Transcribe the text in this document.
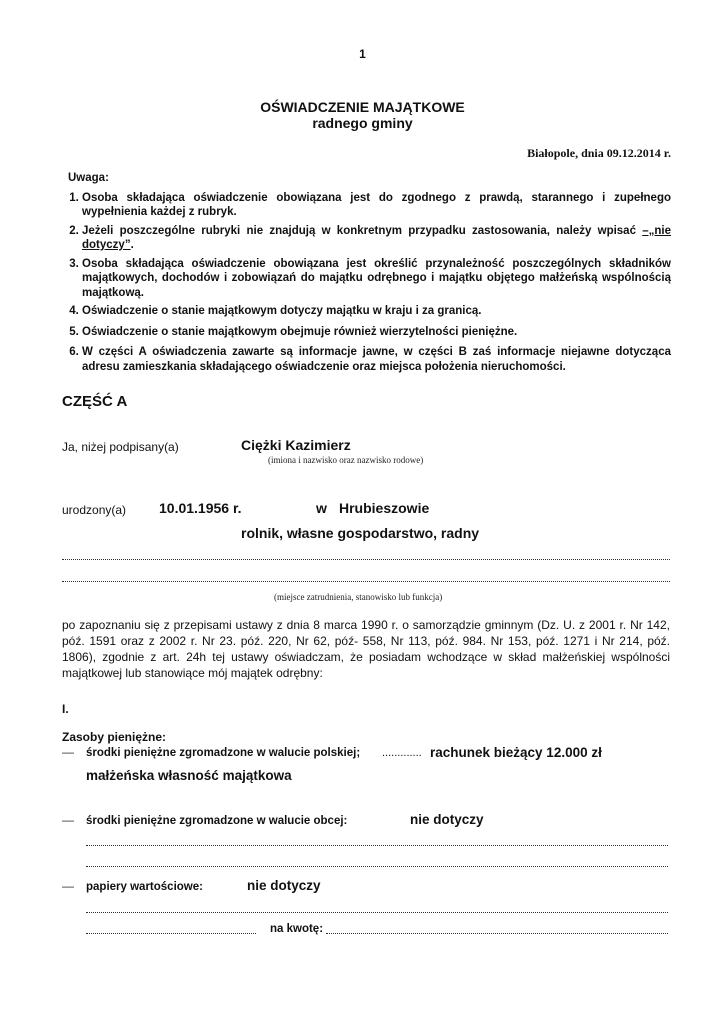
1
OŚWIADCZENIE MAJĄTKOWE
radnego gminy
Białopole, dnia 09.12.2014 r.
Uwaga:
1. Osoba składająca oświadczenie obowiązana jest do zgodnego z prawdą, starannego i zupełnego wypełnienia każdej z rubryk.
2. Jeżeli poszczególne rubryki nie znajdują w konkretnym przypadku zastosowania, należy wpisać –„nie dotyczy”.
3. Osoba składająca oświadczenie obowiązana jest określić przynależność poszczególnych składników majątkowych, dochodów i zobowiązań do majątku odrębnego i majątku objętego małżeńską wspólnością majątkową.
4. Oświadczenie o stanie majątkowym dotyczy majątku w kraju i za granicą.
5. Oświadczenie o stanie majątkowym obejmuje również wierzytelności pieniężne.
6. W części A oświadczenia zawarte są informacje jawne, w części B zaś informacje niejawne dotycząca adresu zamieszkania składającego oświadczenie oraz miejsca położenia nieruchomości.
CZĘŚĆ A
Ja, niżej podpisany(a)	Ciężki Kazimierz
(imiona i nazwisko oraz nazwisko rodowe)
urodzony(a) 10.01.1956 r.	w Hrubieszowie
rolnik, własne gospodarstwo, radny
(miejsce zatrudnienia, stanowisko lub funkcja)
po zapoznaniu się z przepisami ustawy z dnia 8 marca 1990 r. o samorządzie gminnym (Dz. U. z 2001 r. Nr 142, póź. 1591 oraz z 2002 r. Nr 23. póź. 220, Nr 62, póź- 558, Nr 113, póź. 984. Nr 153, póź. 1271 i Nr 214, póź. 1806), zgodnie z art. 24h tej ustawy oświadczam, że posiadam wchodzące w skład małżeńskiej wspólności majątkowej lub stanowiące mój majątek odrębny:
I.
Zasoby pieniężne:
— środki pieniężne zgromadzone w walucie polskiej; ............. rachunek bieżący 12.000 zł
małżeńska własność majątkowa
— środki pieniężne zgromadzone w walucie obcej:	nie dotyczy
— papiery wartościowe:	nie dotyczy
na kwotę:
